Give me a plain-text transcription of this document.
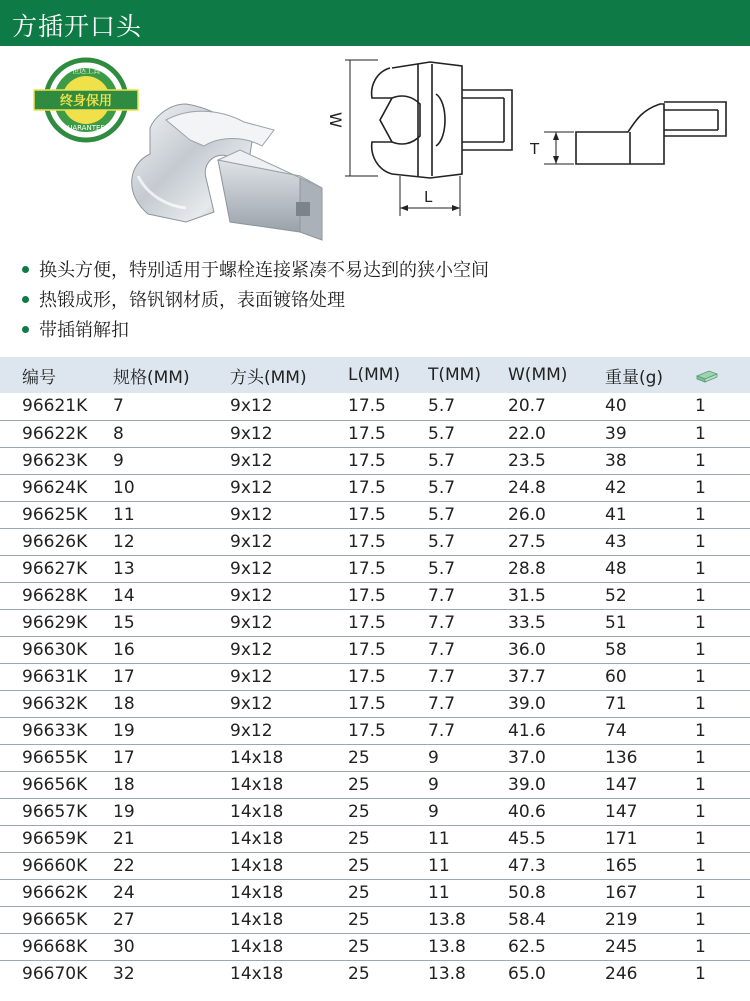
方插开口头
世达工具
终身保用
GUARANTEED
W
L
T
换头方便，特别适用于螺栓连接紧凑不易达到的狭小空间
热锻成形，铬钒钢材质，表面镀铬处理
带插销解扣
编号	规格(MM)	方头(MM)	L(MM)	T(MM)	W(MM)	重量(g)	
96621K	7	9x12	17.5	5.7	20.7	40	1
96622K	8	9x12	17.5	5.7	22.0	39	1
96623K	9	9x12	17.5	5.7	23.5	38	1
96624K	10	9x12	17.5	5.7	24.8	42	1
96625K	11	9x12	17.5	5.7	26.0	41	1
96626K	12	9x12	17.5	5.7	27.5	43	1
96627K	13	9x12	17.5	5.7	28.8	48	1
96628K	14	9x12	17.5	7.7	31.5	52	1
96629K	15	9x12	17.5	7.7	33.5	51	1
96630K	16	9x12	17.5	7.7	36.0	58	1
96631K	17	9x12	17.5	7.7	37.7	60	1
96632K	18	9x12	17.5	7.7	39.0	71	1
96633K	19	9x12	17.5	7.7	41.6	74	1
96655K	17	14x18	25	9	37.0	136	1
96656K	18	14x18	25	9	39.0	147	1
96657K	19	14x18	25	9	40.6	147	1
96659K	21	14x18	25	11	45.5	171	1
96660K	22	14x18	25	11	47.3	165	1
96662K	24	14x18	25	11	50.8	167	1
96665K	27	14x18	25	13.8	58.4	219	1
96668K	30	14x18	25	13.8	62.5	245	1
96670K	32	14x18	25	13.8	65.0	246	1
